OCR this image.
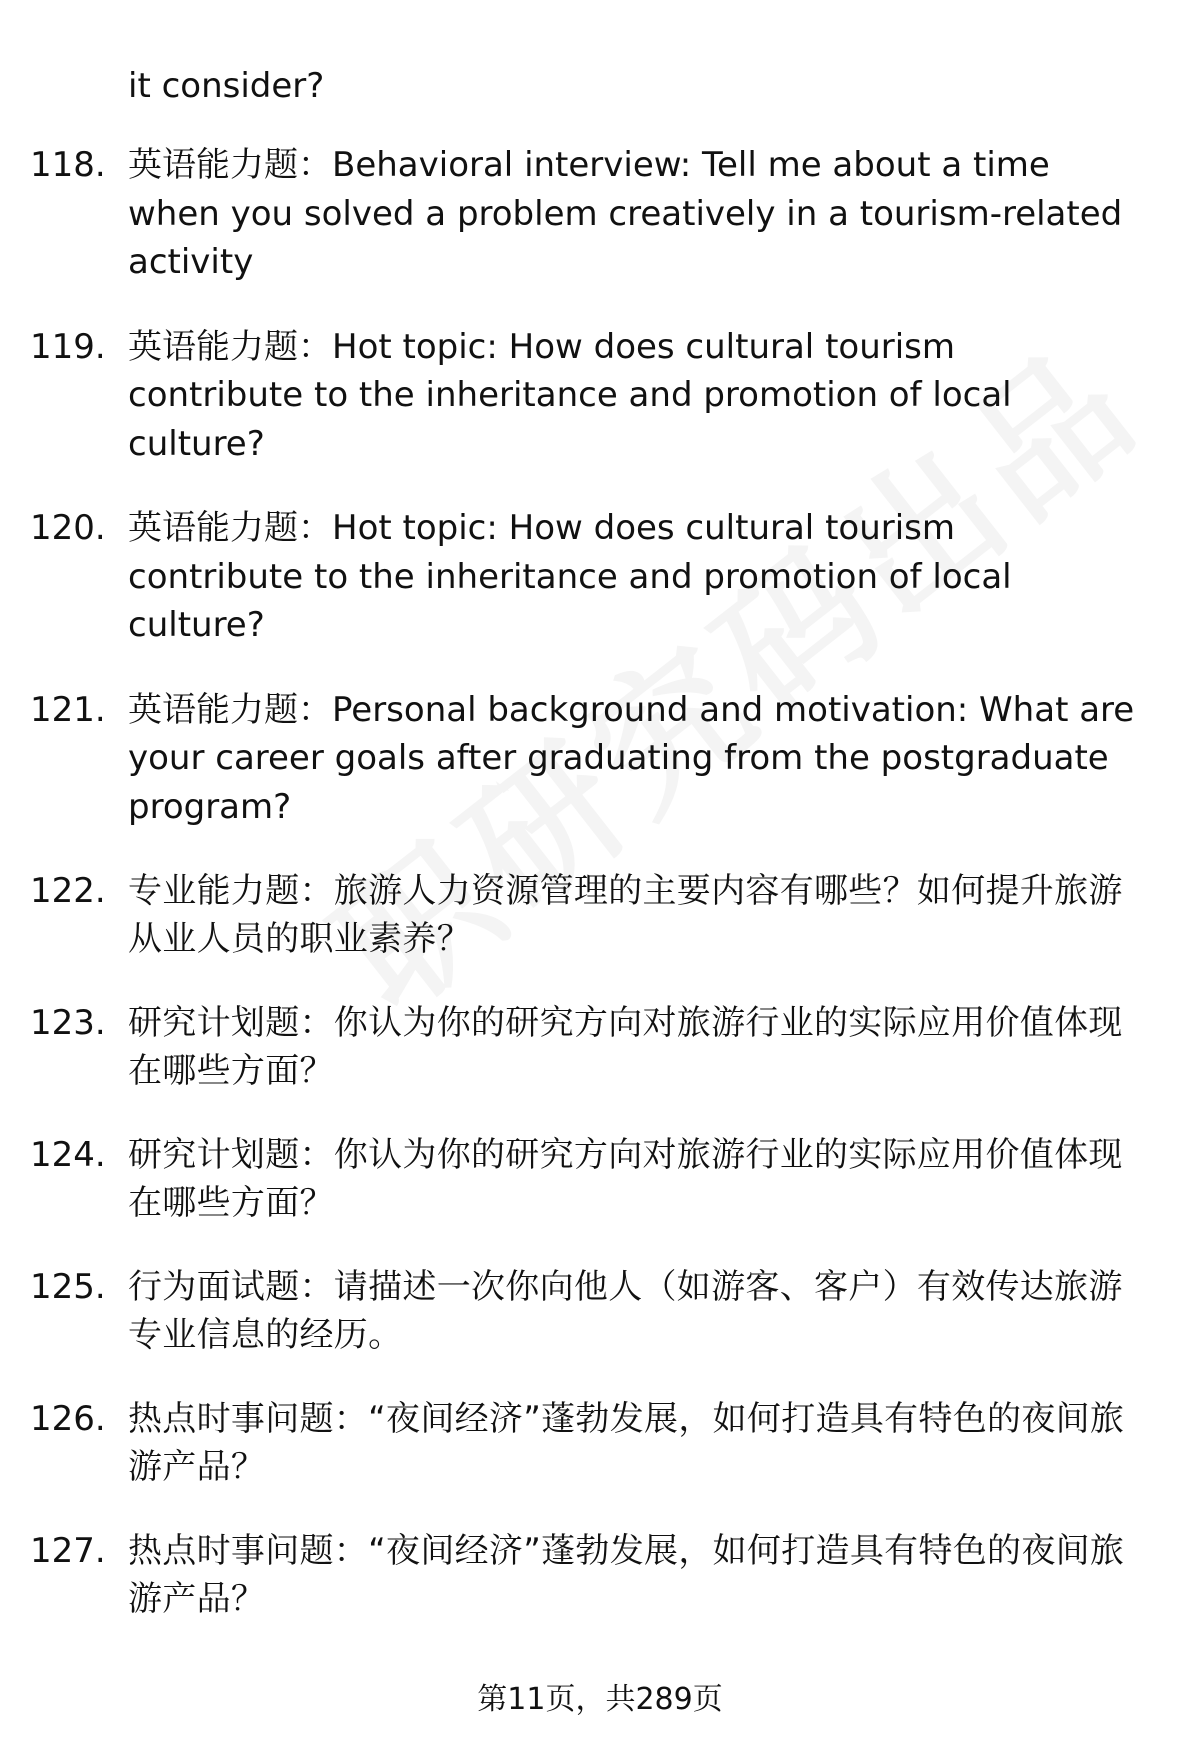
it consider?
118. 英语能力题：Behavioral interview: Tell me about a time when you solved a problem creatively in a tourism-related activity
119. 英语能力题：Hot topic: How does cultural tourism contribute to the inheritance and promotion of local culture?
120. 英语能力题：Hot topic: How does cultural tourism contribute to the inheritance and promotion of local culture?
121. 英语能力题：Personal background and motivation: What are your career goals after graduating from the postgraduate program?
122. 专业能力题：旅游人力资源管理的主要内容有哪些？如何提升旅游从业人员的职业素养？
123. 研究计划题：你认为你的研究方向对旅游行业的实际应用价值体现在哪些方面？
124. 研究计划题：你认为你的研究方向对旅游行业的实际应用价值体现在哪些方面？
125. 行为面试题：请描述一次你向他人（如游客、客户）有效传达旅游专业信息的经历。
126. 热点时事问题：“夜间经济”蓬勃发展，如何打造具有特色的夜间旅游产品？
127. 热点时事问题：“夜间经济”蓬勃发展，如何打造具有特色的夜间旅游产品？
第11页，共289页
